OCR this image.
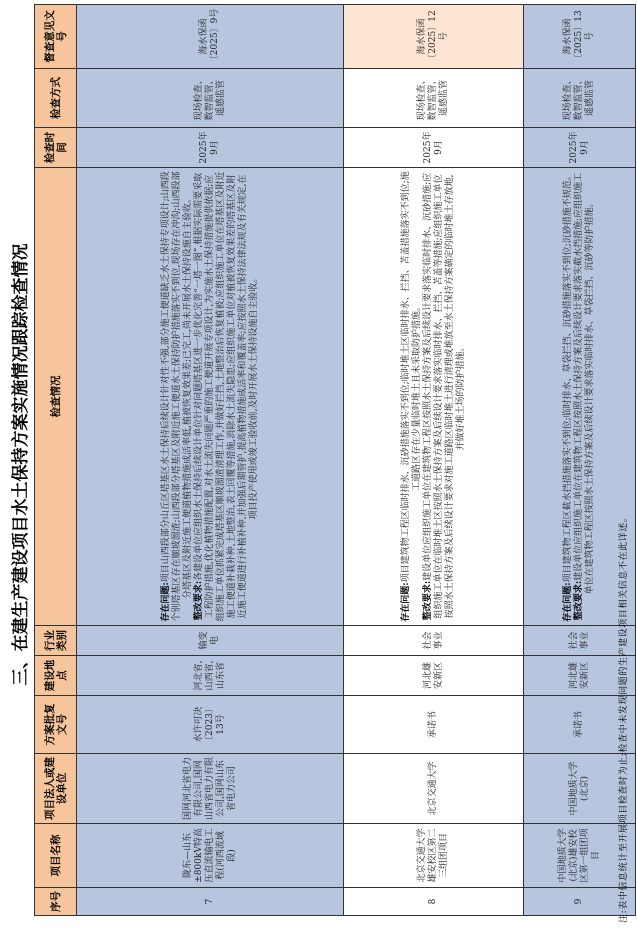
三、在建生产建设项目水土保持方案实施情况跟踪检查情况
序号	项目名称	项目法人或建设单位	方案批复文号	建设地点	行业类别	检查情况	检查时间	检查方式	督查意见文号
7	陇东—山东±800kV特高压直流输电工程(河西流域段)	国网河北省电力有限公司,国网山西省电力有限公司,国网山东省电力公司	水许可决〔2023〕13号	河北省,山西省,山东省	输变电	存在问题:项目山西段部分山丘区塔基区水土保持后续设计针对性不强,部分施工便道缺乏水土保持专项设计;山西段个别塔基区存在顺坡溜渣;山西段部分塔基区及附近施工便道水土保持防护措施落实不到位,现场存在冲沟;山西段部分塔基区及附近施工便道植物措施成活率低,植被恢复效果差;已完工,尚未开展水土保持设施自主验收。

整改要求:各建设单位应组织水土保持后续设计单位针对问题塔基区进一步优化完善“一塔一图”,根据实际需要采取工程防护措施,优化植物措施配置,对水土流失问题严重的施工便道开展专项设计,为实施水土保持措施提供依据;应组织施工单位抓紧完成塔基区顺坡溜渣清理工作,并做好拦挡,土地整治后恢复植被;应组织施工单位在塔基区及附近施工便道补栽补种,土地整治,表土回覆等措施,消除水土流失隐患;应组织施工单位对植被恢复效果差的塔基区及附近施工便道进行补植补种,并加强后期管护,提高植物措施成活率和覆盖率;应按照水土保持法律法规及有关规定,在项目投产使用或竣工验收前,及时开展水土保持设施自主验收。	2025年9月	现场检查、数智监管、遥感监管	海水保函〔2025〕9号
8	北京交通大学雄安校区第二三组团项目	北京交通大学	承诺书	河北雄安新区	社会事业	存在问题:项目建筑物工程区临时排水、沉砂措施落实不到位;临时堆土区临时排水、拦挡、苫盖措施落实不到位;施工道路区存在少量临时堆土且未采取防护措施。

整改要求:建设单位应组织施工单位在建筑物工程区按照水土保持方案及后续设计要求落实临时排水、沉砂措施;应组织施工单位在临时堆土区按照水土保持方案及后续设计要求落实临时排水、拦挡、苫盖等措施;应组织施工单位按照水土保持方案及后续设计要求对施工道路区临时堆土进行清理或堆放至水土保持方案确定的临时堆土存放地,并做好堆土场的防护措施。	2025年9月	现场检查、数智监管、遥感监管	海水保函〔2025〕12号
9	中国地质大学(北京)雄安校区第一组团项目	中国地质大学(北京)	承诺书	河北雄安新区	社会事业	存在问题:项目建筑物工程区截水挡措施落实不到位;临时排水、草袋拦挡、沉砂措施落实不到位;沉砂措施不规范。

整改要求:建设单位应组织施工单位在建筑物工程区按照水土保持方案及后续设计要求落实截水挡措施;应组织施工单位在建筑物工程区按照水土保持方案及后续设计要求落实临时排水、草袋拦挡、沉砂等防护措施。	2025年9月	现场检查、数智监管、遥感监管	海水保函〔2025〕13号
注:表中信息统计至开展项目检查时为止;检查中未发现问题的生产建设项目相关信息不在此详述。
